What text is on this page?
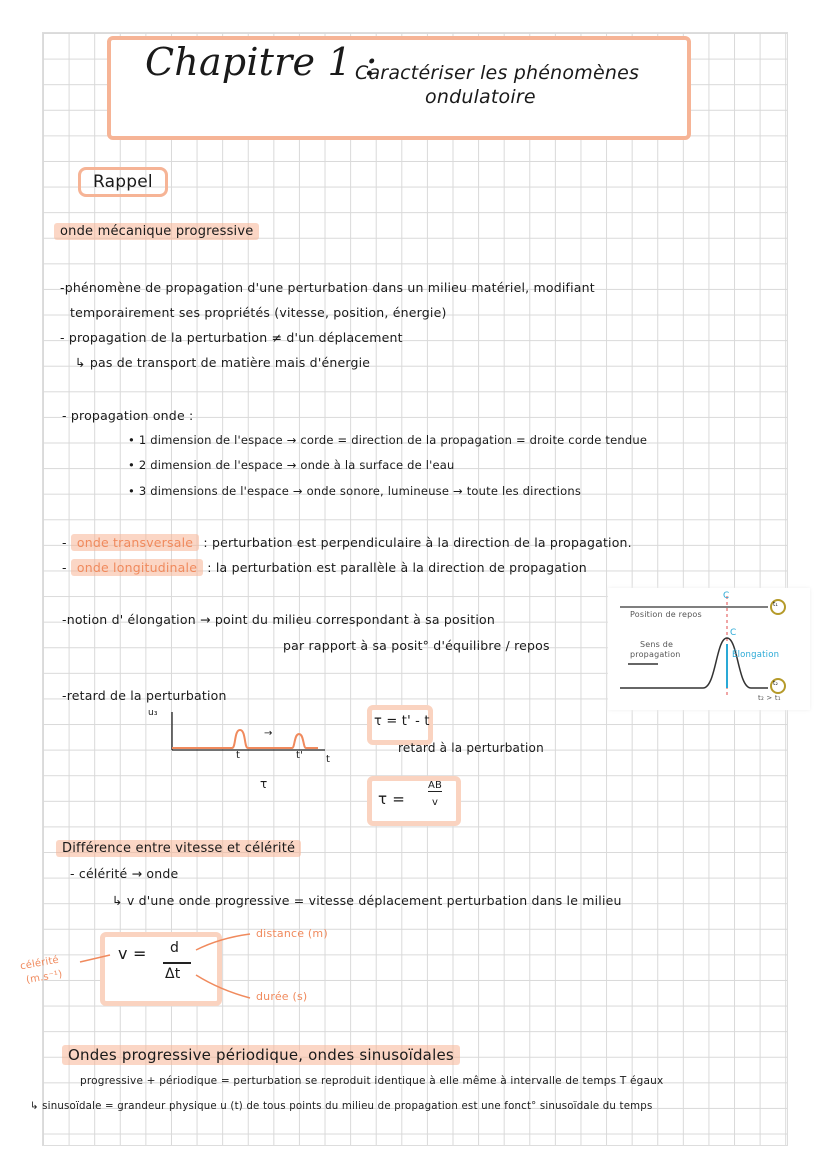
Chapitre 1 :
Caractériser les phénomènes
ondulatoire
Rappel
onde mécanique progressive
-phénomène de propagation d'une perturbation dans un milieu matériel, modifiant
temporairement ses propriétés (vitesse, position, énergie)
- propagation de la perturbation ≠ d'un déplacement
↳ pas de transport de matière mais d'énergie
- propagation onde :
• 1 dimension de l'espace → corde = direction de la propagation = droite corde tendue
• 2 dimension de l'espace → onde à la surface de l'eau
• 3 dimensions de l'espace → onde sonore, lumineuse → toute les directions
- onde transversale : perturbation est perpendiculaire à la direction de la propagation.
- onde longitudinale : la perturbation est parallèle à la direction de propagation
-notion d' élongation → point du milieu correspondant à sa position
par rapport à sa posit° d'équilibre / repos
C
Position de repos
C
Sens de
propagation	Élongation
t₁
t₂
t₂ > t₁
-retard de la perturbation
u₃
t	t' t
→
τ
τ = t' - t
retard à la perturbation
τ =
AB
v
Différence entre vitesse et célérité
- célérité → onde
↳ v d'une onde progressive = vitesse déplacement perturbation dans le milieu
v = d
Δt
distance (m)
durée (s)
célérité
(m.s⁻¹)
Ondes progressive périodique, ondes sinusoïdales
progressive + périodique = perturbation se reproduit identique à elle même à intervalle de temps T égaux
↳ sinusoïdale = grandeur physique u (t) de tous points du milieu de propagation est une fonct° sinusoïdale du temps
